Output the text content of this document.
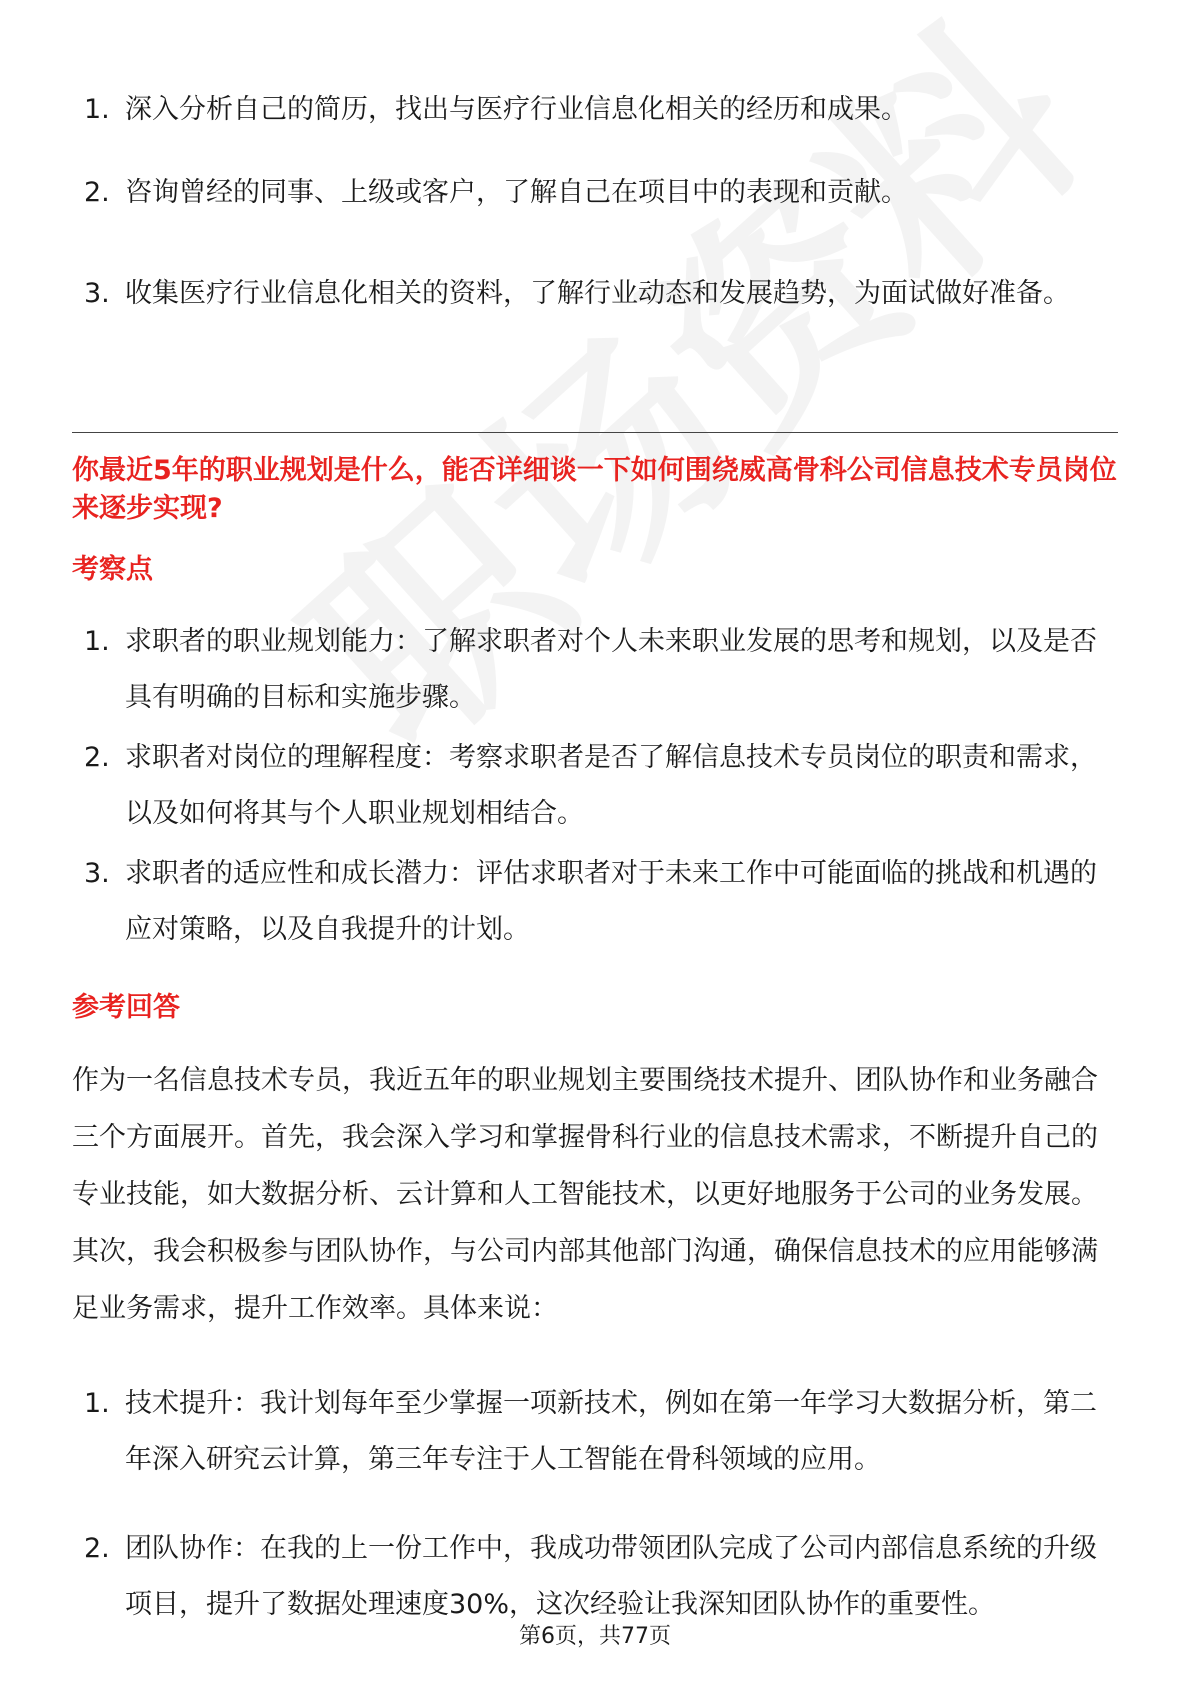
1. 深入分析自己的简历，找出与医疗行业信息化相关的经历和成果。
2. 咨询曾经的同事、上级或客户，了解自己在项目中的表现和贡献。
3. 收集医疗行业信息化相关的资料，了解行业动态和发展趋势，为面试做好准备。
你最近5年的职业规划是什么，能否详细谈一下如何围绕威高骨科公司信息技术专员岗位来逐步实现?
考察点
1. 求职者的职业规划能力：了解求职者对个人未来职业发展的思考和规划，以及是否具有明确的目标和实施步骤。
2. 求职者对岗位的理解程度：考察求职者是否了解信息技术专员岗位的职责和需求，以及如何将其与个人职业规划相结合。
3. 求职者的适应性和成长潜力：评估求职者对于未来工作中可能面临的挑战和机遇的应对策略，以及自我提升的计划。
参考回答
作为一名信息技术专员，我近五年的职业规划主要围绕技术提升、团队协作和业务融合三个方面展开。首先，我会深入学习和掌握骨科行业的信息技术需求，不断提升自己的专业技能，如大数据分析、云计算和人工智能技术，以更好地服务于公司的业务发展。其次，我会积极参与团队协作，与公司内部其他部门沟通，确保信息技术的应用能够满足业务需求，提升工作效率。具体来说：
1. 技术提升：我计划每年至少掌握一项新技术，例如在第一年学习大数据分析，第二年深入研究云计算，第三年专注于人工智能在骨科领域的应用。
2. 团队协作：在我的上一份工作中，我成功带领团队完成了公司内部信息系统的升级项目，提升了数据处理速度30%，这次经验让我深知团队协作的重要性。
第6页，共77页
